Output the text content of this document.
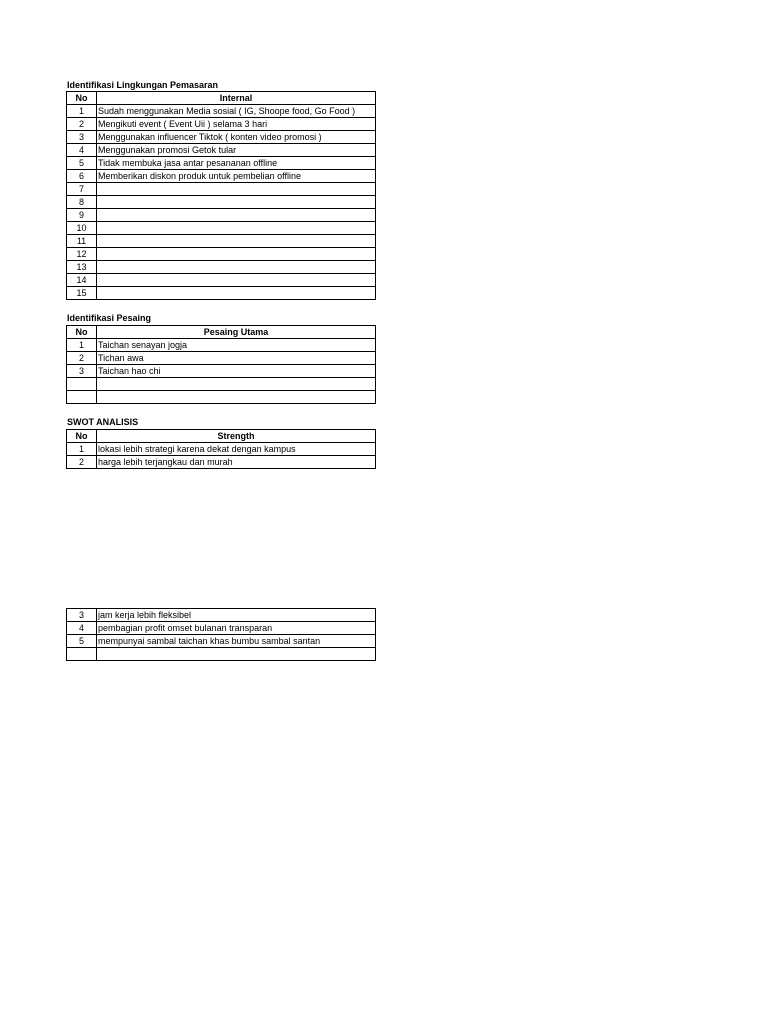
Identifikasi Lingkungan Pemasaran
No	Internal
1	Sudah menggunakan Media sosial ( IG, Shoope food, Go Food )
2	Mengikuti event ( Event Uii ) selama 3 hari
3	Menggunakan influencer Tiktok ( konten video promosi )
4	Menggunakan promosi Getok tular
5	Tidak membuka jasa antar pesananan offline
6	Memberikan diskon produk untuk pembelian offline
7	
8	
9	
10	
11	
12	
13	
14	
15	
Identifikasi Pesaing
No	Pesaing Utama
1	Taichan senayan jogja
2	Tichan awa
3	Taichan hao chi

SWOT ANALISIS
No	Strength
1	lokasi lebih strategi karena dekat dengan kampus
2	harga lebih terjangkau dan murah
3	jam kerja lebih fleksibel
4	pembagian profit omset bulanan transparan
5	mempunyai sambal taichan khas bumbu sambal santan
